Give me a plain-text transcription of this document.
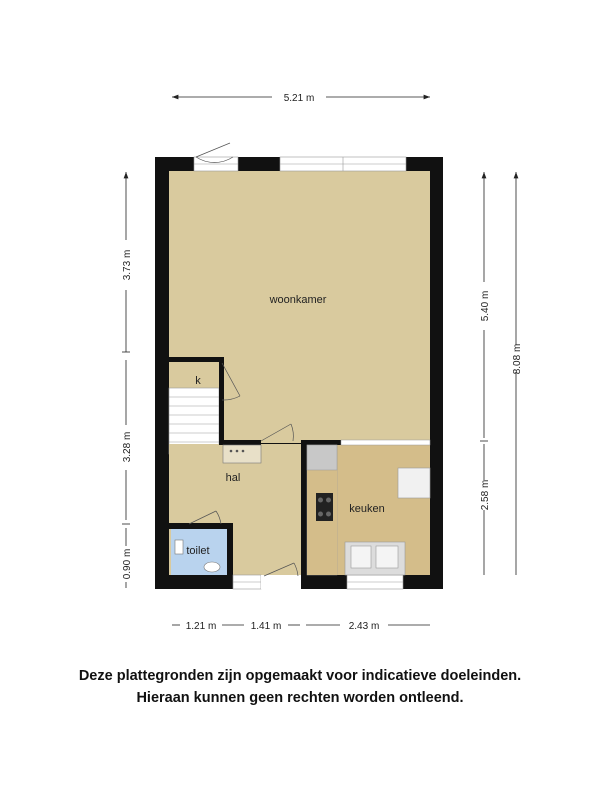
woonkamer
keuken
hal
toilet
k
5.21 m
3.73 m
3.28 m
0.90 m
5.40 m
2.58 m
8.08 m
1.21 m	1.41 m	2.43 m
Deze plattegronden zijn opgemaakt voor indicatieve doeleinden.
Hieraan kunnen geen rechten worden ontleend.
